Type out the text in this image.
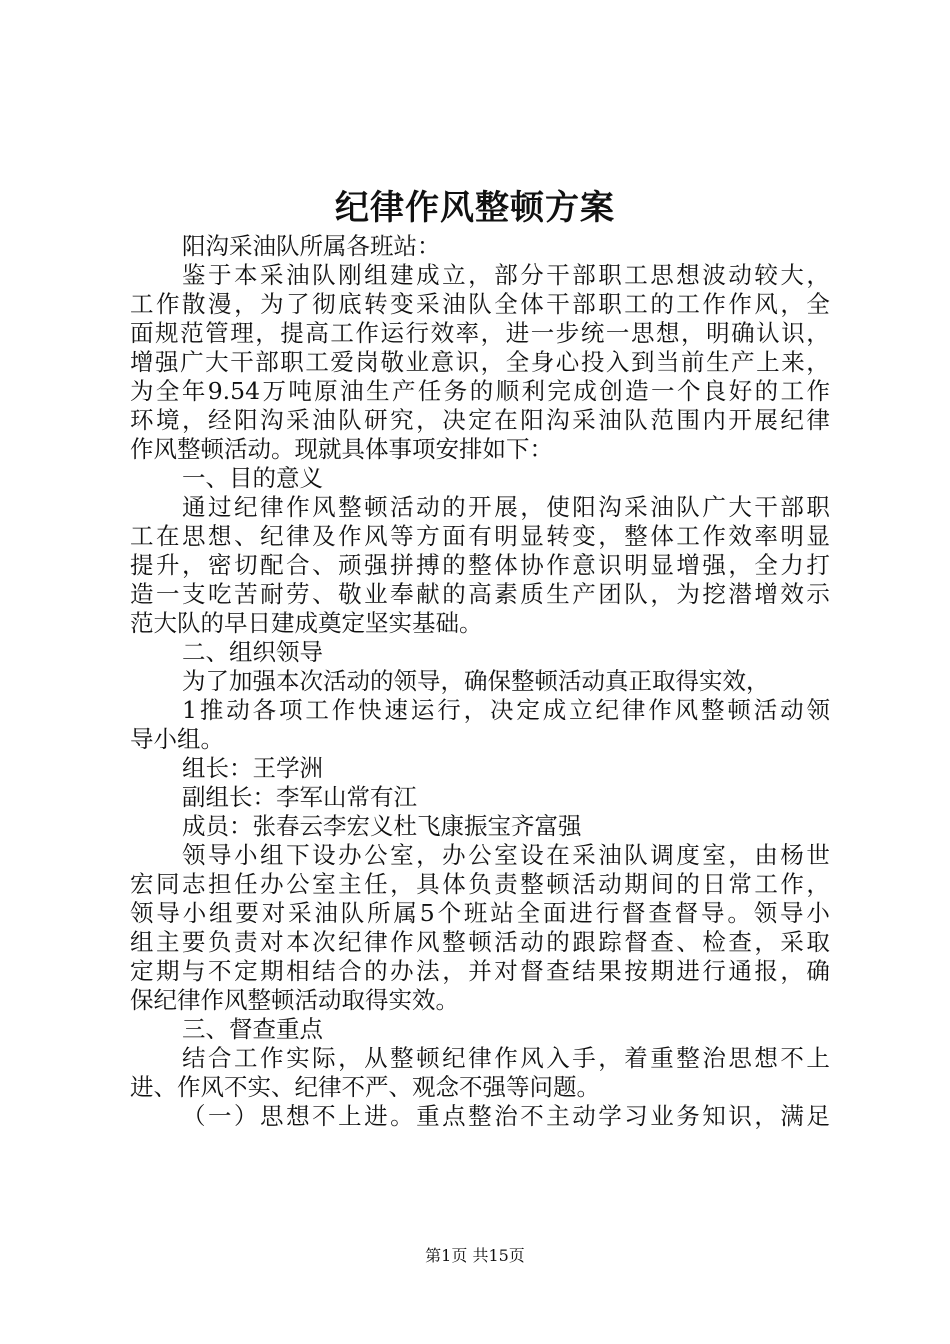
纪律作风整顿方案
阳沟采油队所属各班站：
鉴 于 本 采 油 队 刚 组 建 成 立 ， 部 分 干 部 职 工 思 想 波 动 较 大 ，
工 作 散 漫 ， 为 了 彻 底 转 变 采 油 队 全 体 干 部 职 工 的 工 作 作 风 ， 全
面 规 范 管 理 ， 提 高 工 作 运 行 效 率 ， 进 一 步 统 一 思 想 ， 明 确 认 识 ，
增 强 广 大 干 部 职 工 爱 岗 敬 业 意 识 ， 全 身 心 投 入 到 当 前 生 产 上 来 ，
为 全 年 9.54 万 吨 原 油 生 产 任 务 的 顺 利 完 成 创 造 一 个 良 好 的 工 作
环 境 ， 经 阳 沟 采 油 队 研 究 ， 决 定 在 阳 沟 采 油 队 范 围 内 开 展 纪 律
作风整顿活动。现就具体事项安排如下：
一、目的意义
通 过 纪 律 作 风 整 顿 活 动 的 开 展 ， 使 阳 沟 采 油 队 广 大 干 部 职
工 在 思 想 、 纪 律 及 作 风 等 方 面 有 明 显 转 变 ， 整 体 工 作 效 率 明 显
提 升 ， 密 切 配 合 、 顽 强 拼 搏 的 整 体 协 作 意 识 明 显 增 强 ， 全 力 打
造 一 支 吃 苦 耐 劳 、 敬 业 奉 献 的 高 素 质 生 产 团 队 ， 为 挖 潜 增 效 示
范大队的早日建成奠定坚实基础。
二、组织领导
为了加强本次活动的领导，确保整顿活动真正取得实效，
1 推 动 各 项 工 作 快 速 运 行 ， 决 定 成 立 纪 律 作 风 整 顿 活 动 领
导小组。
组长：王学洲
副组长：李军山常有江
成员：张春云李宏义杜飞康振宝齐富强
领 导 小 组 下 设 办 公 室 ， 办 公 室 设 在 采 油 队 调 度 室 ， 由 杨 世
宏 同 志 担 任 办 公 室 主 任 ， 具 体 负 责 整 顿 活 动 期 间 的 日 常 工 作 ，
领 导 小 组 要 对 采 油 队 所 属 5 个 班 站 全 面 进 行 督 查 督 导 。 领 导 小
组 主 要 负 责 对 本 次 纪 律 作 风 整 顿 活 动 的 跟 踪 督 查 、 检 查 ， 采 取
定 期 与 不 定 期 相 结 合 的 办 法 ， 并 对 督 查 结 果 按 期 进 行 通 报 ， 确
保纪律作风整顿活动取得实效。
三、督查重点
结 合 工 作 实 际 ， 从 整 顿 纪 律 作 风 入 手 ， 着 重 整 治 思 想 不 上
进、作风不实、纪律不严、观念不强等问题。
（ 一 ） 思 想 不 上 进 。 重 点 整 治 不 主 动 学 习 业 务 知 识 ， 满 足
第1页 共15页
